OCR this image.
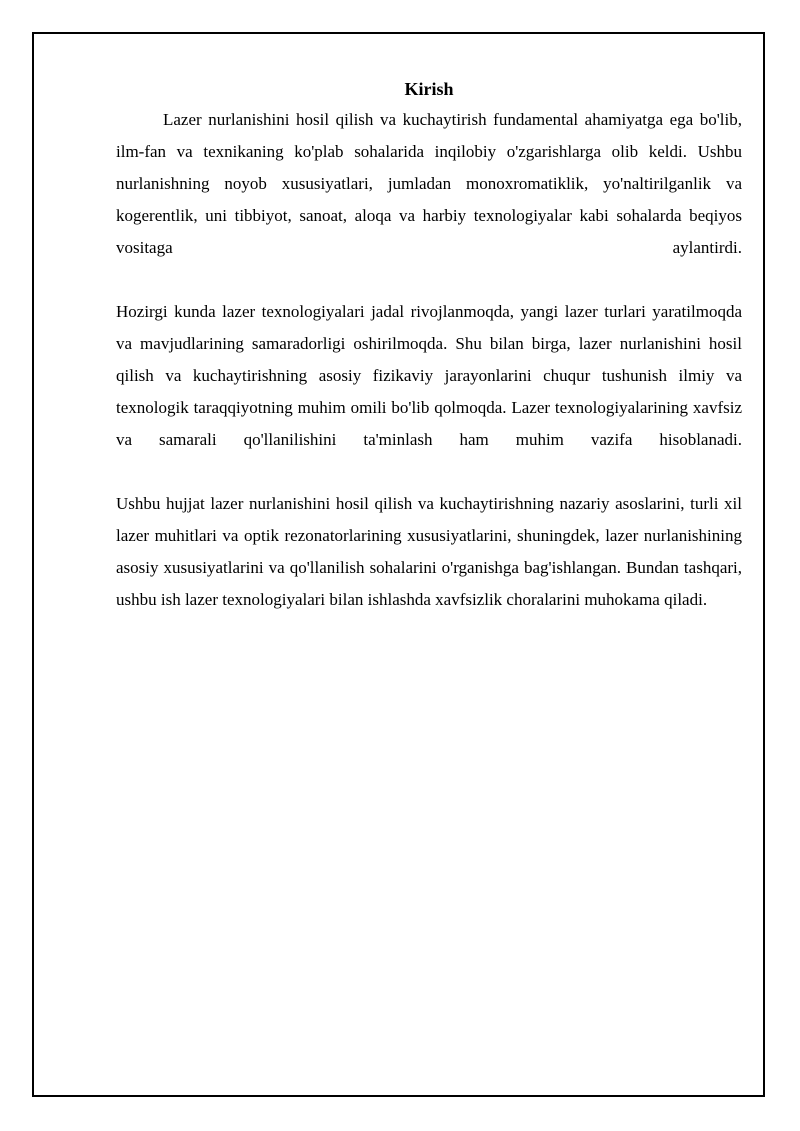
Kirish

Lazer nurlanishini hosil qilish va kuchaytirish fundamental ahamiyatga ega bo'lib, ilm-fan va texnikaning ko'plab sohalarida inqilobiy o'zgarishlarga olib keldi. Ushbu nurlanishning noyob xususiyatlari, jumladan monoxromatiklik, yo'naltirilganlik va kogerentlik, uni tibbiyot, sanoat, aloqa va harbiy texnologiyalar kabi sohalarda beqiyos vositaga aylantirdi.

Hozirgi kunda lazer texnologiyalari jadal rivojlanmoqda, yangi lazer turlari yaratilmoqda va mavjudlarining samaradorligi oshirilmoqda. Shu bilan birga, lazer nurlanishini hosil qilish va kuchaytirishning asosiy fizikaviy jarayonlarini chuqur tushunish ilmiy va texnologik taraqqiyotning muhim omili bo'lib qolmoqda. Lazer texnologiyalarining xavfsiz va samarali qo'llanilishini ta'minlash ham muhim vazifa hisoblanadi.

Ushbu hujjat lazer nurlanishini hosil qilish va kuchaytirishning nazariy asoslarini, turli xil lazer muhitlari va optik rezonatorlarining xususiyatlarini, shuningdek, lazer nurlanishining asosiy xususiyatlarini va qo'llanilish sohalarini o'rganishga bag'ishlangan. Bundan tashqari, ushbu ish lazer texnologiyalari bilan ishlashda xavfsizlik choralarini muhokama qiladi.
